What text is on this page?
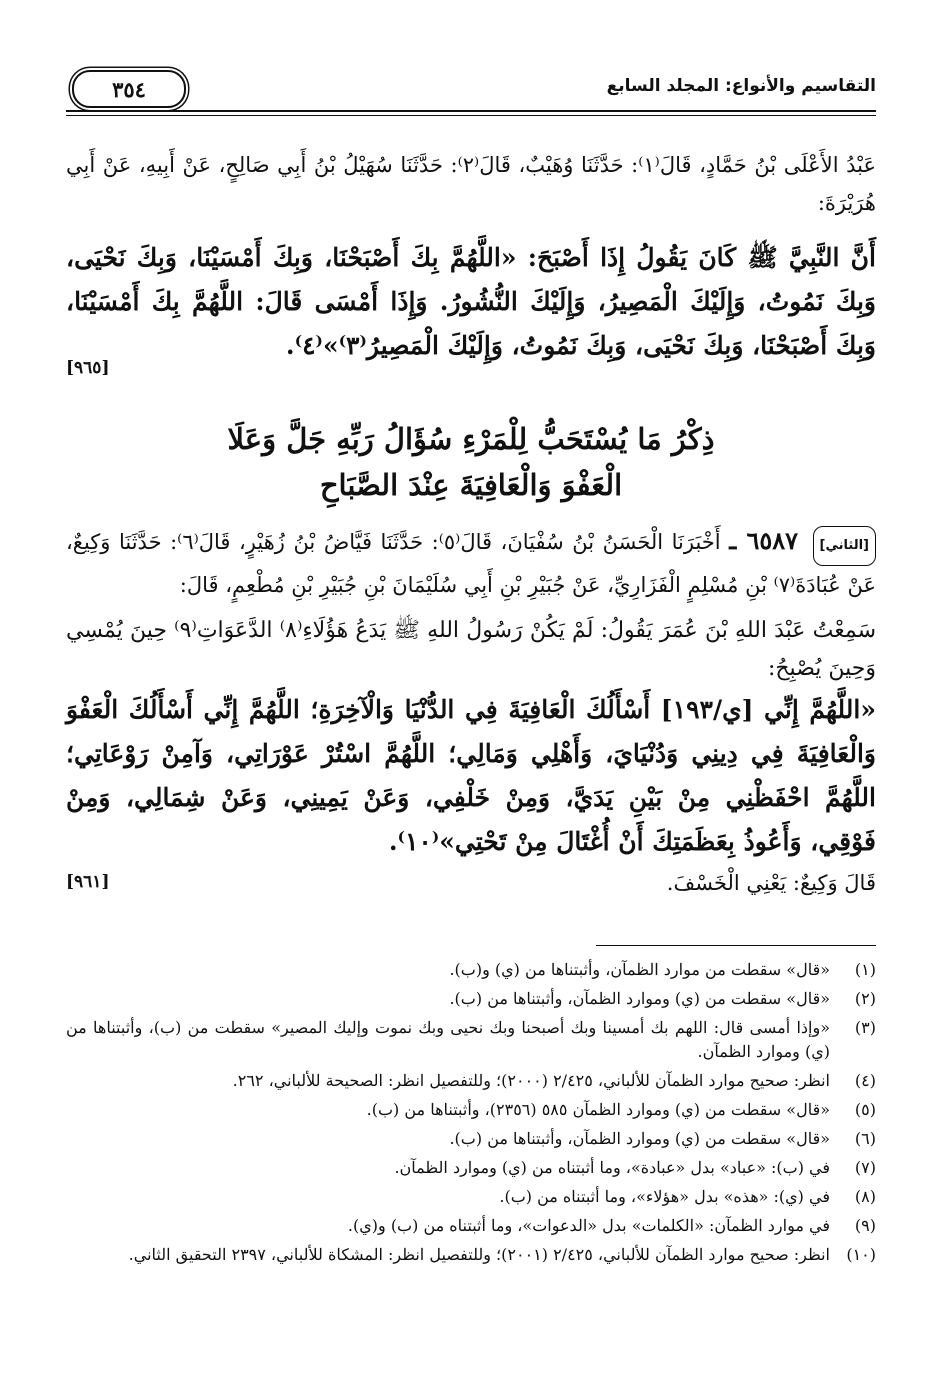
التقاسيم والأنواع: المجلد السابع
٣٥٤
عَبْدُ الأَعْلَى بْنُ حَمَّادٍ، قَالَ⁽١⁾: حَدَّثَنَا وُهَيْبٌ، قَالَ⁽٢⁾: حَدَّثَنَا سُهَيْلُ بْنُ أَبِي صَالِحٍ، عَنْ أَبِيهِ، عَنْ أَبِي هُرَيْرَةَ:
أَنَّ النَّبِيَّ ﷺ كَانَ يَقُولُ إِذَا أَصْبَحَ: «اللَّهُمَّ بِكَ أَصْبَحْنَا، وَبِكَ أَمْسَيْنَا، وَبِكَ نَحْيَى، وَبِكَ نَمُوتُ، وَإِلَيْكَ الْمَصِيرُ، وَإِلَيْكَ النُّشُورُ. وَإِذَا أَمْسَى قَالَ: اللَّهُمَّ بِكَ أَمْسَيْنَا، وَبِكَ أَصْبَحْنَا، وَبِكَ نَحْيَى، وَبِكَ نَمُوتُ، وَإِلَيْكَ الْمَصِيرُ⁽٣⁾»⁽٤⁾.
[٩٦٥]
ذِكْرُ مَا يُسْتَحَبُّ لِلْمَرْءِ سُؤَالُ رَبِّهِ جَلَّ وَعَلَا
الْعَفْوَ وَالْعَافِيَةَ عِنْدَ الصَّبَاحِ
[الثاني] ٦٥٨٧ ـ أَخْبَرَنَا الْحَسَنُ بْنُ سُفْيَانَ، قَالَ⁽٥⁾: حَدَّثَنَا فَيَّاضُ بْنُ زُهَيْرٍ، قَالَ⁽٦⁾: حَدَّثَنَا وَكِيعٌ، عَنْ عُبَادَةَ⁽٧⁾ بْنِ مُسْلِمٍ الْفَزَارِيِّ، عَنْ جُبَيْرِ بْنِ أَبِي سُلَيْمَانَ بْنِ جُبَيْرِ بْنِ مُطْعِمٍ، قَالَ:
سَمِعْتُ عَبْدَ اللهِ بْنَ عُمَرَ يَقُولُ: لَمْ يَكُنْ رَسُولُ اللهِ ﷺ يَدَعُ هَؤُلَاءِ⁽٨⁾ الدَّعَوَاتِ⁽٩⁾ حِينَ يُمْسِي وَحِينَ يُصْبِحُ:
«اللَّهُمَّ إِنِّي [ي/١٩٣] أَسْأَلُكَ الْعَافِيَةَ فِي الدُّنْيَا وَالْآخِرَةِ؛ اللَّهُمَّ إِنِّي أَسْأَلُكَ الْعَفْوَ وَالْعَافِيَةَ فِي دِينِي وَدُنْيَايَ، وَأَهْلِي وَمَالِي؛ اللَّهُمَّ اسْتُرْ عَوْرَاتِي، وَآمِنْ رَوْعَاتِي؛ اللَّهُمَّ احْفَظْنِي مِنْ بَيْنِ يَدَيَّ، وَمِنْ خَلْفِي، وَعَنْ يَمِينِي، وَعَنْ شِمَالِي، وَمِنْ فَوْقِي، وَأَعُوذُ بِعَظَمَتِكَ أَنْ أُغْتَالَ مِنْ تَحْتِي»⁽١٠⁾.
قَالَ وَكِيعٌ: يَعْنِي الْخَسْفَ.
[٩٦١]
(١)
«قال» سقطت من موارد الظمآن، وأثبتناها من (ي) و(ب).
(٢)
«قال» سقطت من (ي) وموارد الظمآن، وأثبتناها من (ب).
(٣)
«وإذا أمسى قال: اللهم بك أمسينا وبك أصبحنا وبك نحيى وبك نموت وإليك المصير» سقطت من (ب)، وأثبتناها من (ي) وموارد الظمآن.
(٤)
انظر: صحيح موارد الظمآن للألباني، ٢/٤٢٥ (٢٠٠٠)؛ وللتفصيل انظر: الصحيحة للألباني، ٢٦٢.
(٥)
«قال» سقطت من (ي) وموارد الظمآن ٥٨٥ (٢٣٥٦)، وأثبتناها من (ب).
(٦)
«قال» سقطت من (ي) وموارد الظمآن، وأثبتناها من (ب).
(٧)
في (ب): «عباد» بدل «عبادة»، وما أثبتناه من (ي) وموارد الظمآن.
(٨)
في (ي): «هذه» بدل «هؤلاء»، وما أثبتناه من (ب).
(٩)
في موارد الظمآن: «الكلمات» بدل «الدعوات»، وما أثبتناه من (ب) و(ي).
(١٠)
انظر: صحيح موارد الظمآن للألباني، ٢/٤٢٥ (٢٠٠١)؛ وللتفصيل انظر: المشكاة للألباني، ٢٣٩٧ التحقيق الثاني.
